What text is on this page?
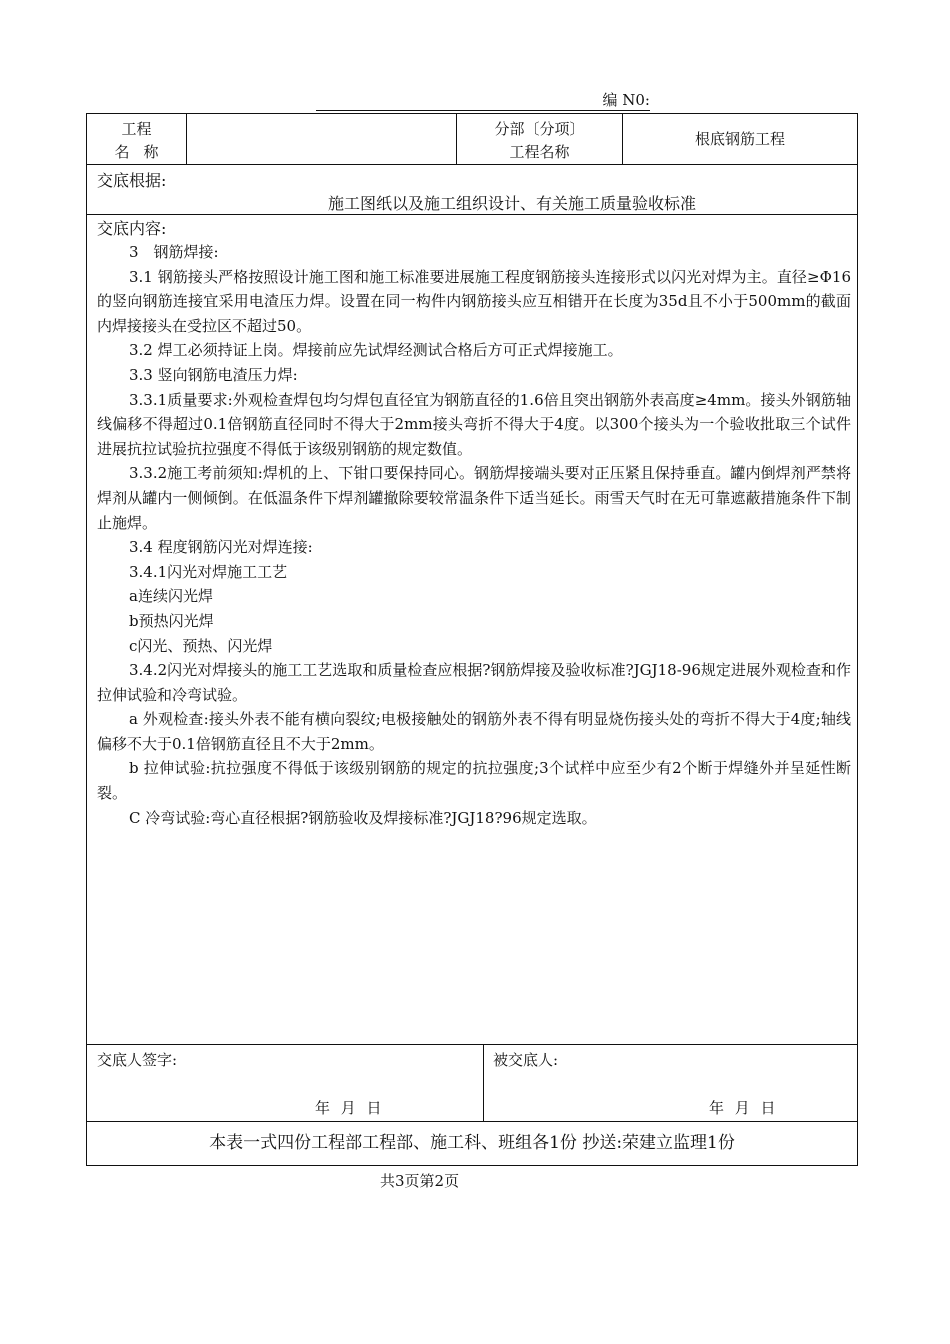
编 N0:
工程
名称
分部〔分项〕
工程名称
根底钢筋工程
交底根据:
施工图纸以及施工组织设计、有关施工质量验收标准
交底内容:

3　钢筋焊接:

3.1 钢筋接头严格按照设计施工图和施工标准要进展施工程度钢筋接头连接形式以闪光对焊为主。直径≥Φ16的竖向钢筋连接宜采用电渣压力焊。设置在同一构件内钢筋接头应互相错开在长度为35d且不小于500mm的截面内焊接接头在受拉区不超过50。

3.2 焊工必须持证上岗。焊接前应先试焊经测试合格后方可正式焊接施工。

3.3 竖向钢筋电渣压力焊:

3.3.1质量要求:外观检查焊包均匀焊包直径宜为钢筋直径的1.6倍且突出钢筋外表高度≥4mm。接头外钢筋轴线偏移不得超过0.1倍钢筋直径同时不得大于2mm接头弯折不得大于4度。以300个接头为一个验收批取三个试件进展抗拉试验抗拉强度不得低于该级别钢筋的规定数值。

3.3.2施工考前须知:焊机的上、下钳口要保持同心。钢筋焊接端头要对正压紧且保持垂直。罐内倒焊剂严禁将焊剂从罐内一侧倾倒。在低温条件下焊剂罐撤除要较常温条件下适当延长。雨雪天气时在无可靠遮蔽措施条件下制止施焊。

3.4 程度钢筋闪光对焊连接:

3.4.1闪光对焊施工工艺

a连续闪光焊

b预热闪光焊

c闪光、预热、闪光焊

3.4.2闪光对焊接头的施工工艺选取和质量检查应根据?钢筋焊接及验收标准?JGJ18-96规定进展外观检查和作拉伸试验和冷弯试验。

a 外观检查:接头外表不能有横向裂纹;电极接触处的钢筋外表不得有明显烧伤接头处的弯折不得大于4度;轴线偏移不大于0.1倍钢筋直径且不大于2mm。

b 拉伸试验:抗拉强度不得低于该级别钢筋的规定的抗拉强度;3个试样中应至少有2个断于焊缝外并呈延性断裂。

C 冷弯试验:弯心直径根据?钢筋验收及焊接标准?JGJ18?96规定选取。

交底人签字:
年 月 日
被交底人:
年 月 日
本表一式四份工程部工程部、施工科、班组各1份 抄送:荣建立监理1份
共3页第2页
